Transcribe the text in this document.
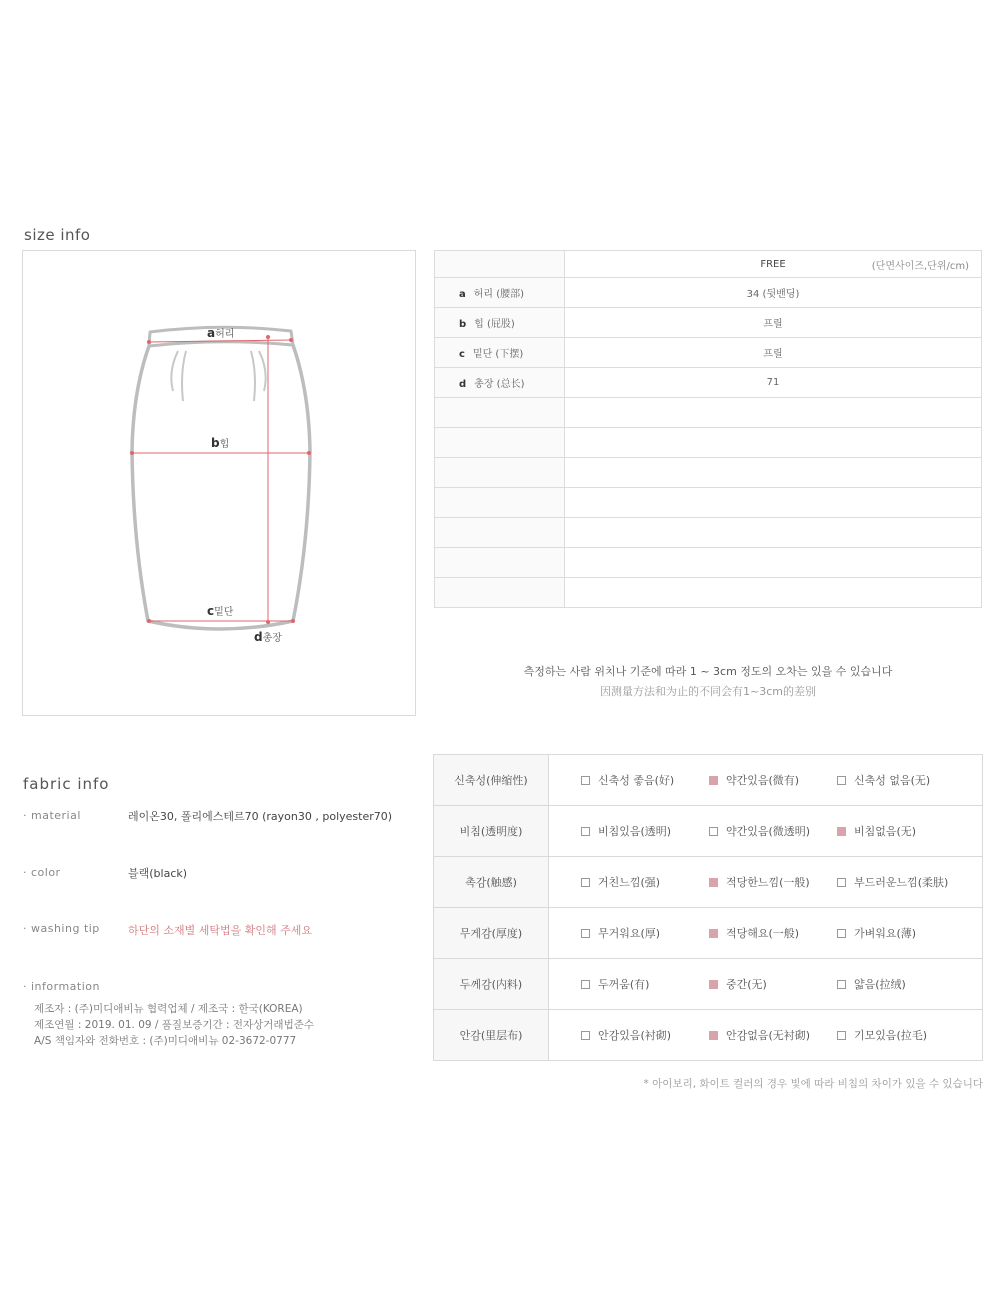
size info
a허리
b힙
c밑단
d총장
	FREE (단면사이즈,단위/cm)

a 허리 (腰部)	34 (뒷밴딩)
b 힙 (屁股)	프릴
c 밑단 (下摆)	프릴
d 총장 (总长)	71

측정하는 사람 위치나 기준에 따라 1 ~ 3cm 정도의 오차는 있을 수 있습니다
因测量方法和为止的不同会有1~3cm的差别
fabric info
· material	레이온30, 폴리에스테르70 (rayon30 , polyester70)
· color	블랙(black)
· washing tip	하단의 소재별 세탁법을 확인해 주세요
· information
제조자 : (주)미디애비뉴 협력업체 / 제조국 : 한국(KOREA)
제조연월 : 2019. 01. 09 / 품질보증기간 : 전자상거래법준수
A/S 책임자와 전화번호 : (주)미디애비뉴 02-3672-0777
신축성(伸缩性)	신축성 좋음(好) 약간있음(微有) 신축성 없음(无)
비침(透明度)	비침있음(透明) 약간있음(微透明) 비침없음(无)
촉감(触感)	거친느낌(强) 적당한느낌(一般) 부드러운느낌(柔肤)
무게감(厚度)	무거워요(厚) 적당해요(一般) 가벼워요(薄)
두께감(内料)	두꺼움(有) 중간(无) 얇음(拉绒)
안감(里层布)	안감있음(衬砌) 안감없음(无衬砌) 기모있음(拉毛)
* 아이보리, 화이트 컬러의 경우 빛에 따라 비침의 차이가 있을 수 있습니다
